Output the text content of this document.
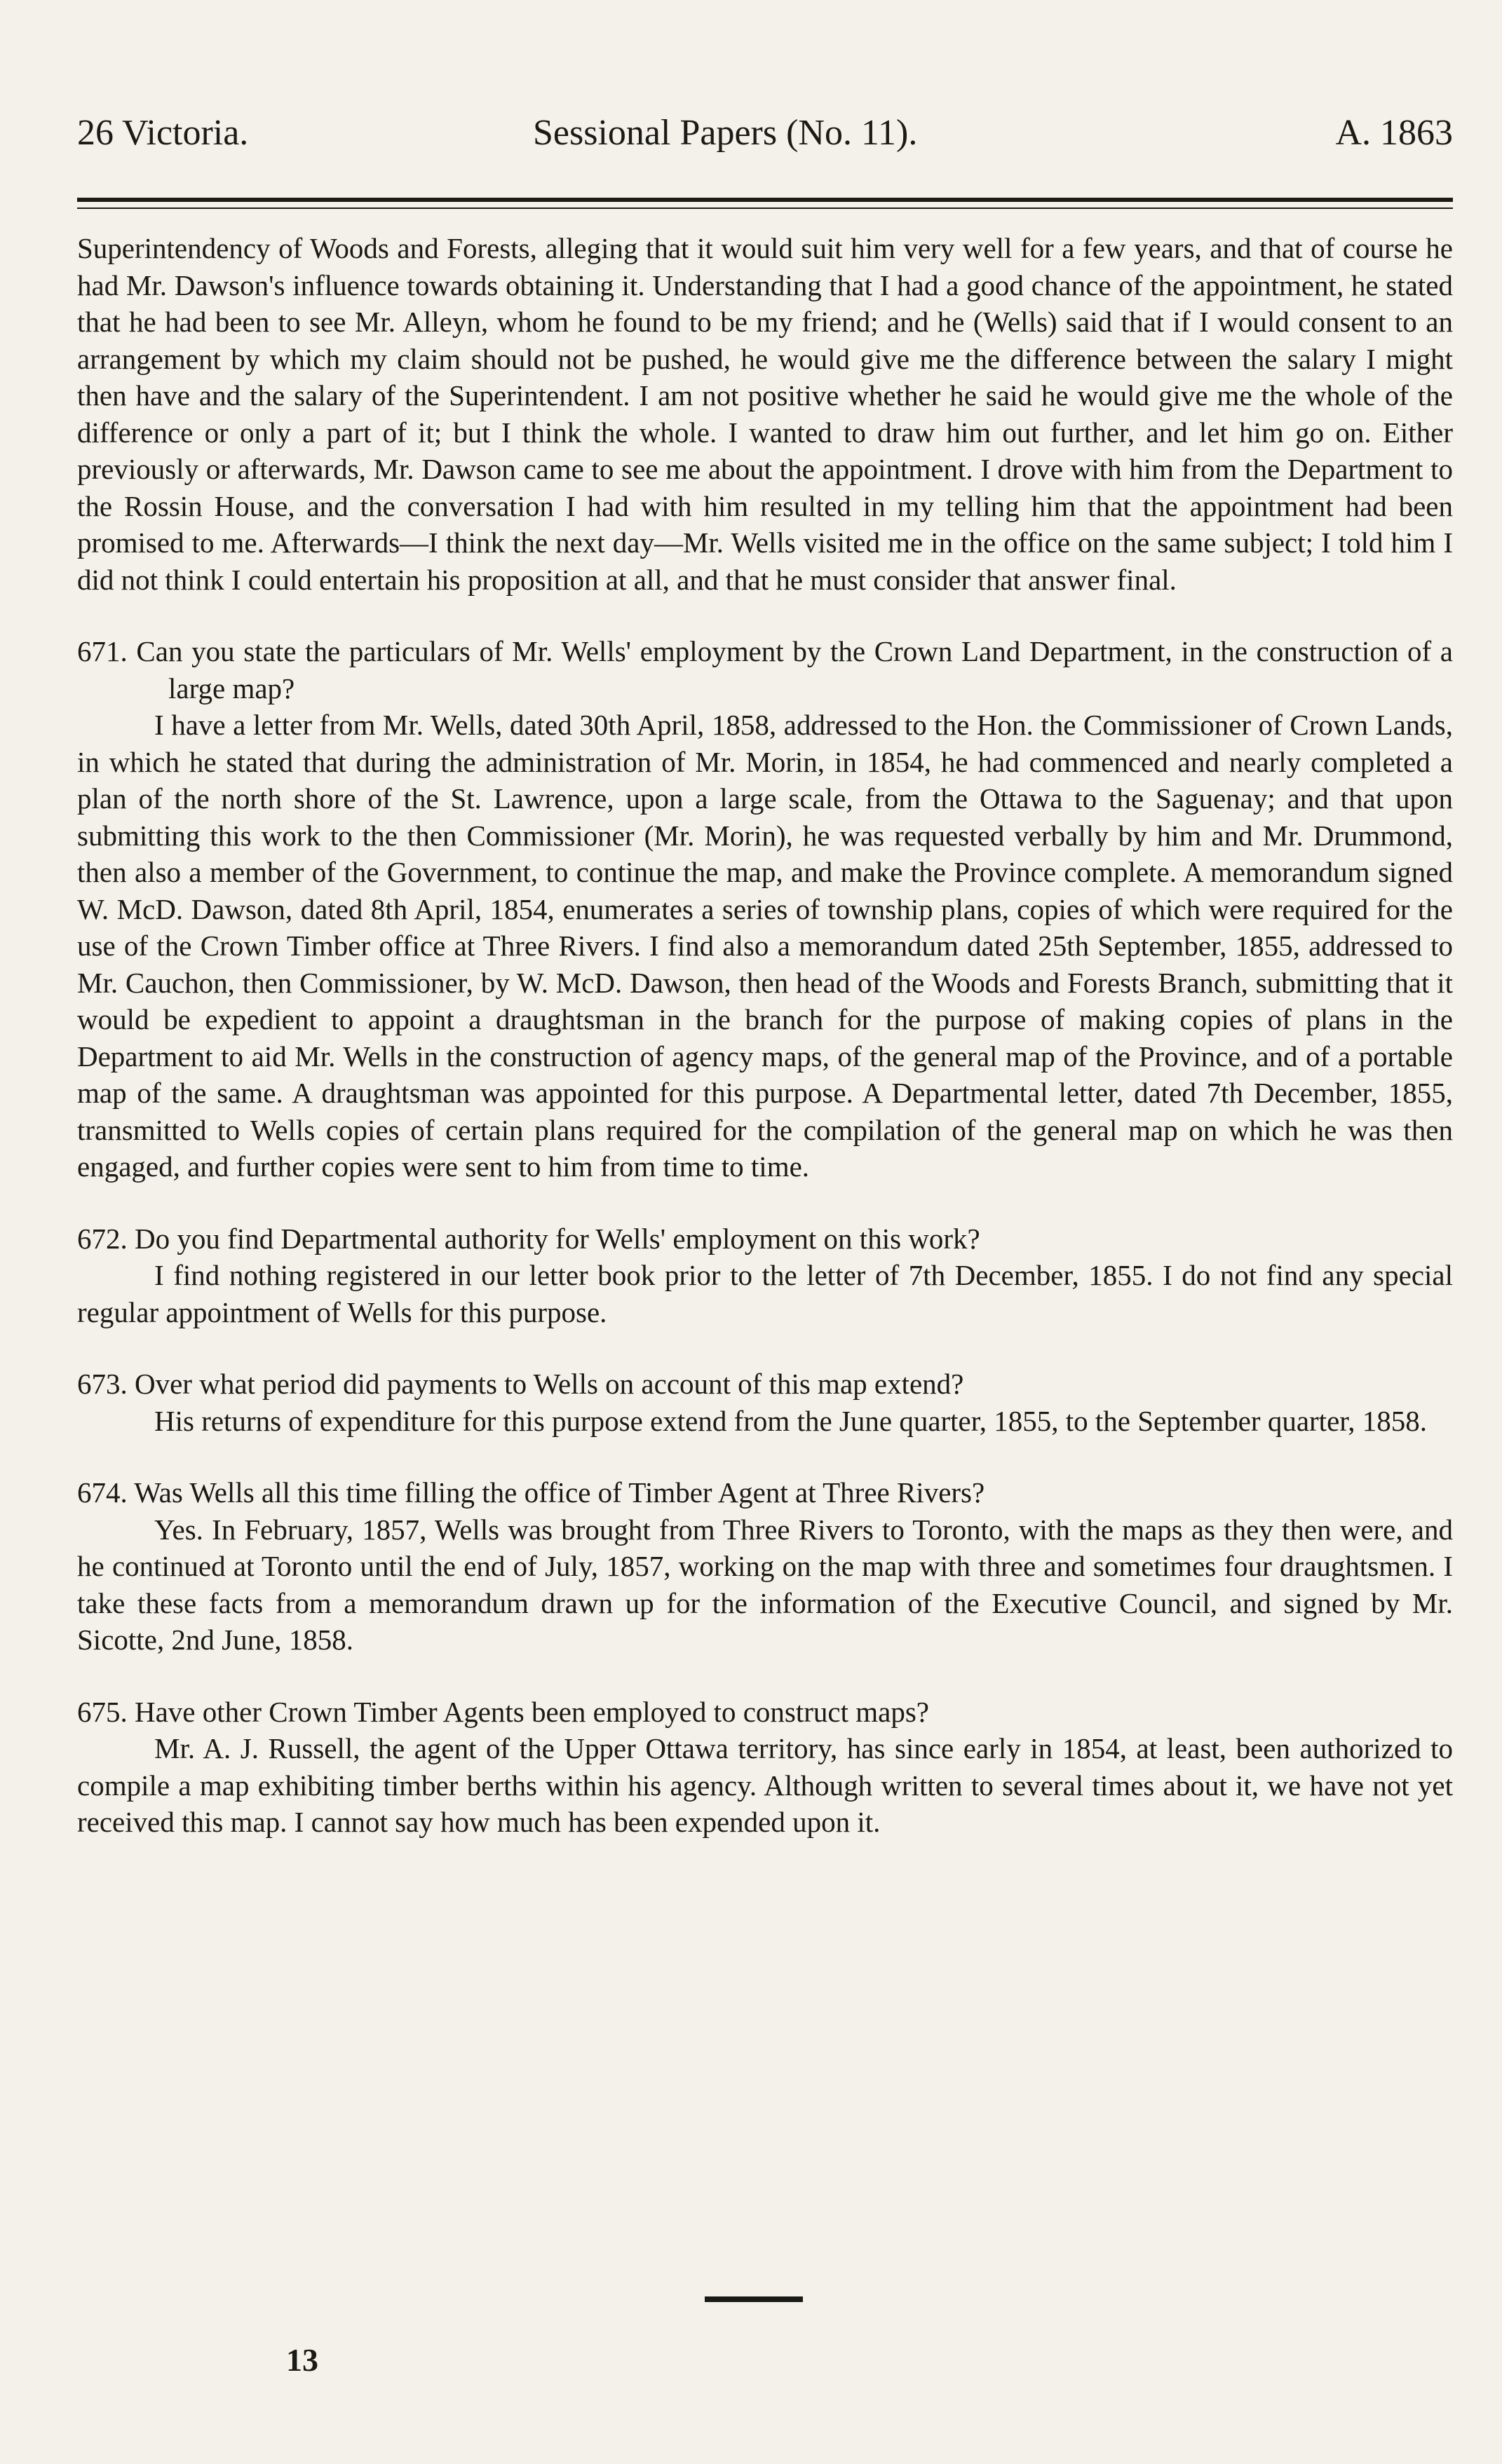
26 Victoria.	Sessional Papers (No. 11).	A. 1863

Superintendency of Woods and Forests, alleging that it would suit him very well for a few years, and that of course he had Mr. Dawson's influence towards obtaining it. Understanding that I had a good chance of the appointment, he stated that he had been to see Mr. Alleyn, whom he found to be my friend; and he (Wells) said that if I would consent to an arrangement by which my claim should not be pushed, he would give me the difference between the salary I might then have and the salary of the Superintendent. I am not positive whether he said he would give me the whole of the difference or only a part of it; but I think the whole. I wanted to draw him out further, and let him go on. Either previously or afterwards, Mr. Dawson came to see me about the appointment. I drove with him from the Department to the Rossin House, and the conversation I had with him resulted in my telling him that the appointment had been promised to me. Afterwards—I think the next day—Mr. Wells visited me in the office on the same subject; I told him I did not think I could entertain his proposition at all, and that he must consider that answer final.

671. Can you state the particulars of Mr. Wells' employment by the Crown Land Department, in the construction of a large map?

I have a letter from Mr. Wells, dated 30th April, 1858, addressed to the Hon. the Commissioner of Crown Lands, in which he stated that during the administration of Mr. Morin, in 1854, he had commenced and nearly completed a plan of the north shore of the St. Lawrence, upon a large scale, from the Ottawa to the Saguenay; and that upon submitting this work to the then Commissioner (Mr. Morin), he was requested verbally by him and Mr. Drummond, then also a member of the Government, to continue the map, and make the Province complete. A memorandum signed W. McD. Dawson, dated 8th April, 1854, enumerates a series of township plans, copies of which were required for the use of the Crown Timber office at Three Rivers. I find also a memorandum dated 25th September, 1855, addressed to Mr. Cauchon, then Commissioner, by W. McD. Dawson, then head of the Woods and Forests Branch, submitting that it would be expedient to appoint a draughtsman in the branch for the purpose of making copies of plans in the Department to aid Mr. Wells in the construction of agency maps, of the general map of the Province, and of a portable map of the same. A draughtsman was appointed for this purpose. A Departmental letter, dated 7th December, 1855, transmitted to Wells copies of certain plans required for the compilation of the general map on which he was then engaged, and further copies were sent to him from time to time.

672. Do you find Departmental authority for Wells' employment on this work?

I find nothing registered in our letter book prior to the letter of 7th December, 1855. I do not find any special regular appointment of Wells for this purpose.

673. Over what period did payments to Wells on account of this map extend?

His returns of expenditure for this purpose extend from the June quarter, 1855, to the September quarter, 1858.

674. Was Wells all this time filling the office of Timber Agent at Three Rivers?

Yes. In February, 1857, Wells was brought from Three Rivers to Toronto, with the maps as they then were, and he continued at Toronto until the end of July, 1857, working on the map with three and sometimes four draughtsmen. I take these facts from a memorandum drawn up for the information of the Executive Council, and signed by Mr. Sicotte, 2nd June, 1858.

675. Have other Crown Timber Agents been employed to construct maps?

Mr. A. J. Russell, the agent of the Upper Ottawa territory, has since early in 1854, at least, been authorized to compile a map exhibiting timber berths within his agency. Although written to several times about it, we have not yet received this map. I cannot say how much has been expended upon it.

13
